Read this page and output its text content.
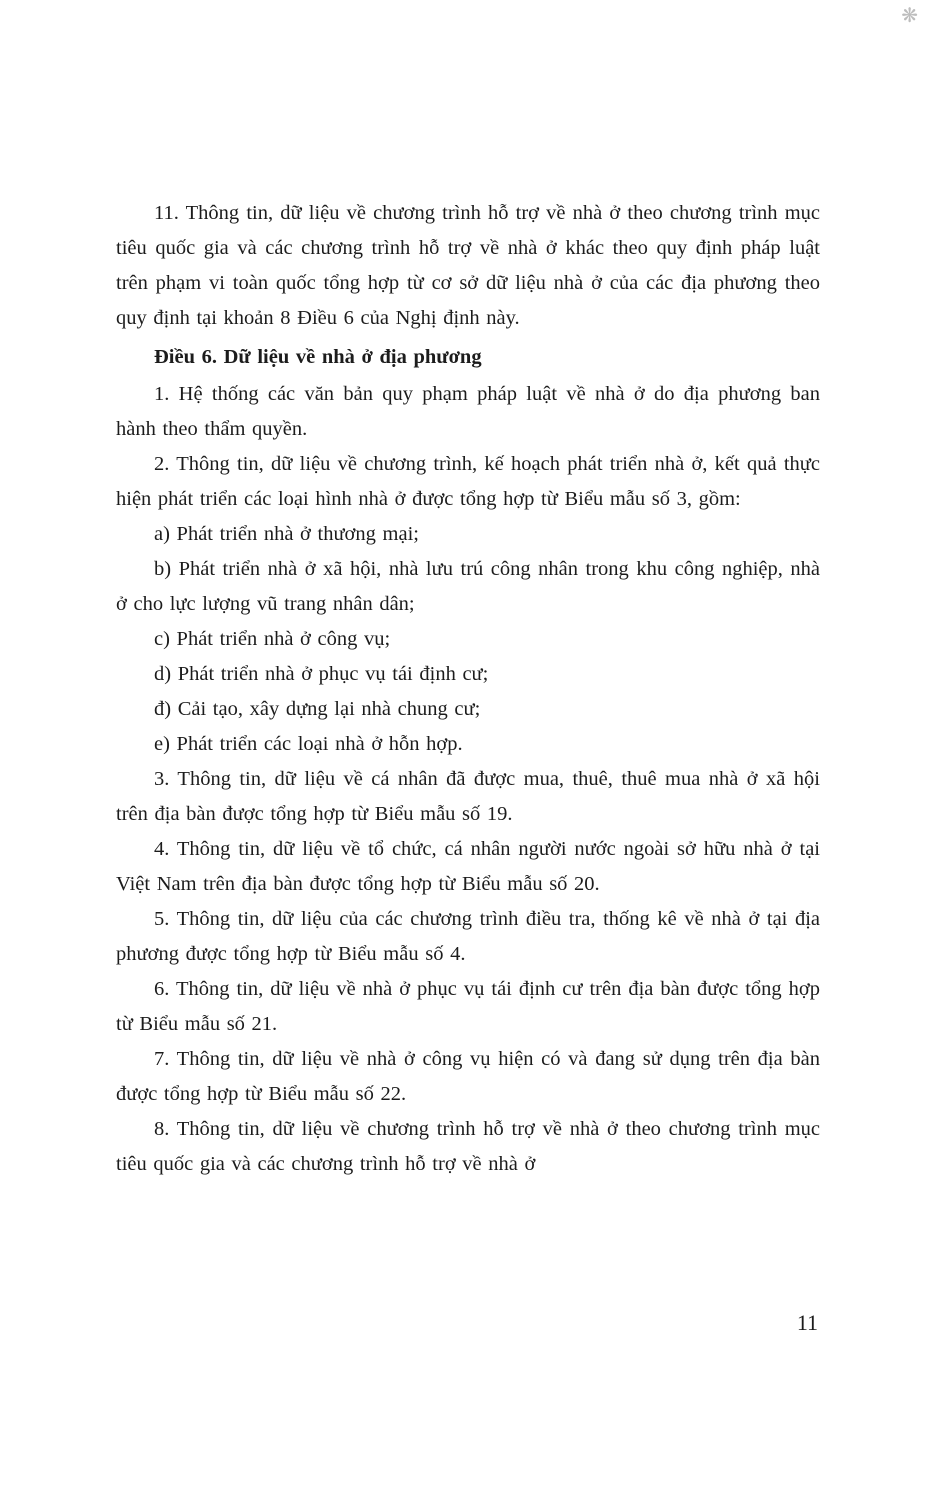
❋

11. Thông tin, dữ liệu về chương trình hỗ trợ về nhà ở theo chương trình mục tiêu quốc gia và các chương trình hỗ trợ về nhà ở khác theo quy định pháp luật trên phạm vi toàn quốc tổng hợp từ cơ sở dữ liệu nhà ở của các địa phương theo quy định tại khoản 8 Điều 6 của Nghị định này.

Điều 6. Dữ liệu về nhà ở địa phương

1. Hệ thống các văn bản quy phạm pháp luật về nhà ở do địa phương ban hành theo thẩm quyền.

2. Thông tin, dữ liệu về chương trình, kế hoạch phát triển nhà ở, kết quả thực hiện phát triển các loại hình nhà ở được tổng hợp từ Biểu mẫu số 3, gồm:

a) Phát triển nhà ở thương mại;

b) Phát triển nhà ở xã hội, nhà lưu trú công nhân trong khu công nghiệp, nhà ở cho lực lượng vũ trang nhân dân;

c) Phát triển nhà ở công vụ;

d) Phát triển nhà ở phục vụ tái định cư;

đ) Cải tạo, xây dựng lại nhà chung cư;

e) Phát triển các loại nhà ở hỗn hợp.

3. Thông tin, dữ liệu về cá nhân đã được mua, thuê, thuê mua nhà ở xã hội trên địa bàn được tổng hợp từ Biểu mẫu số 19.

4. Thông tin, dữ liệu về tổ chức, cá nhân người nước ngoài sở hữu nhà ở tại Việt Nam trên địa bàn được tổng hợp từ Biểu mẫu số 20.

5. Thông tin, dữ liệu của các chương trình điều tra, thống kê về nhà ở tại địa phương được tổng hợp từ Biểu mẫu số 4.

6. Thông tin, dữ liệu về nhà ở phục vụ tái định cư trên địa bàn được tổng hợp từ Biểu mẫu số 21.

7. Thông tin, dữ liệu về nhà ở công vụ hiện có và đang sử dụng trên địa bàn được tổng hợp từ Biểu mẫu số 22.

8. Thông tin, dữ liệu về chương trình hỗ trợ về nhà ở theo chương trình mục tiêu quốc gia và các chương trình hỗ trợ về nhà ở

11
